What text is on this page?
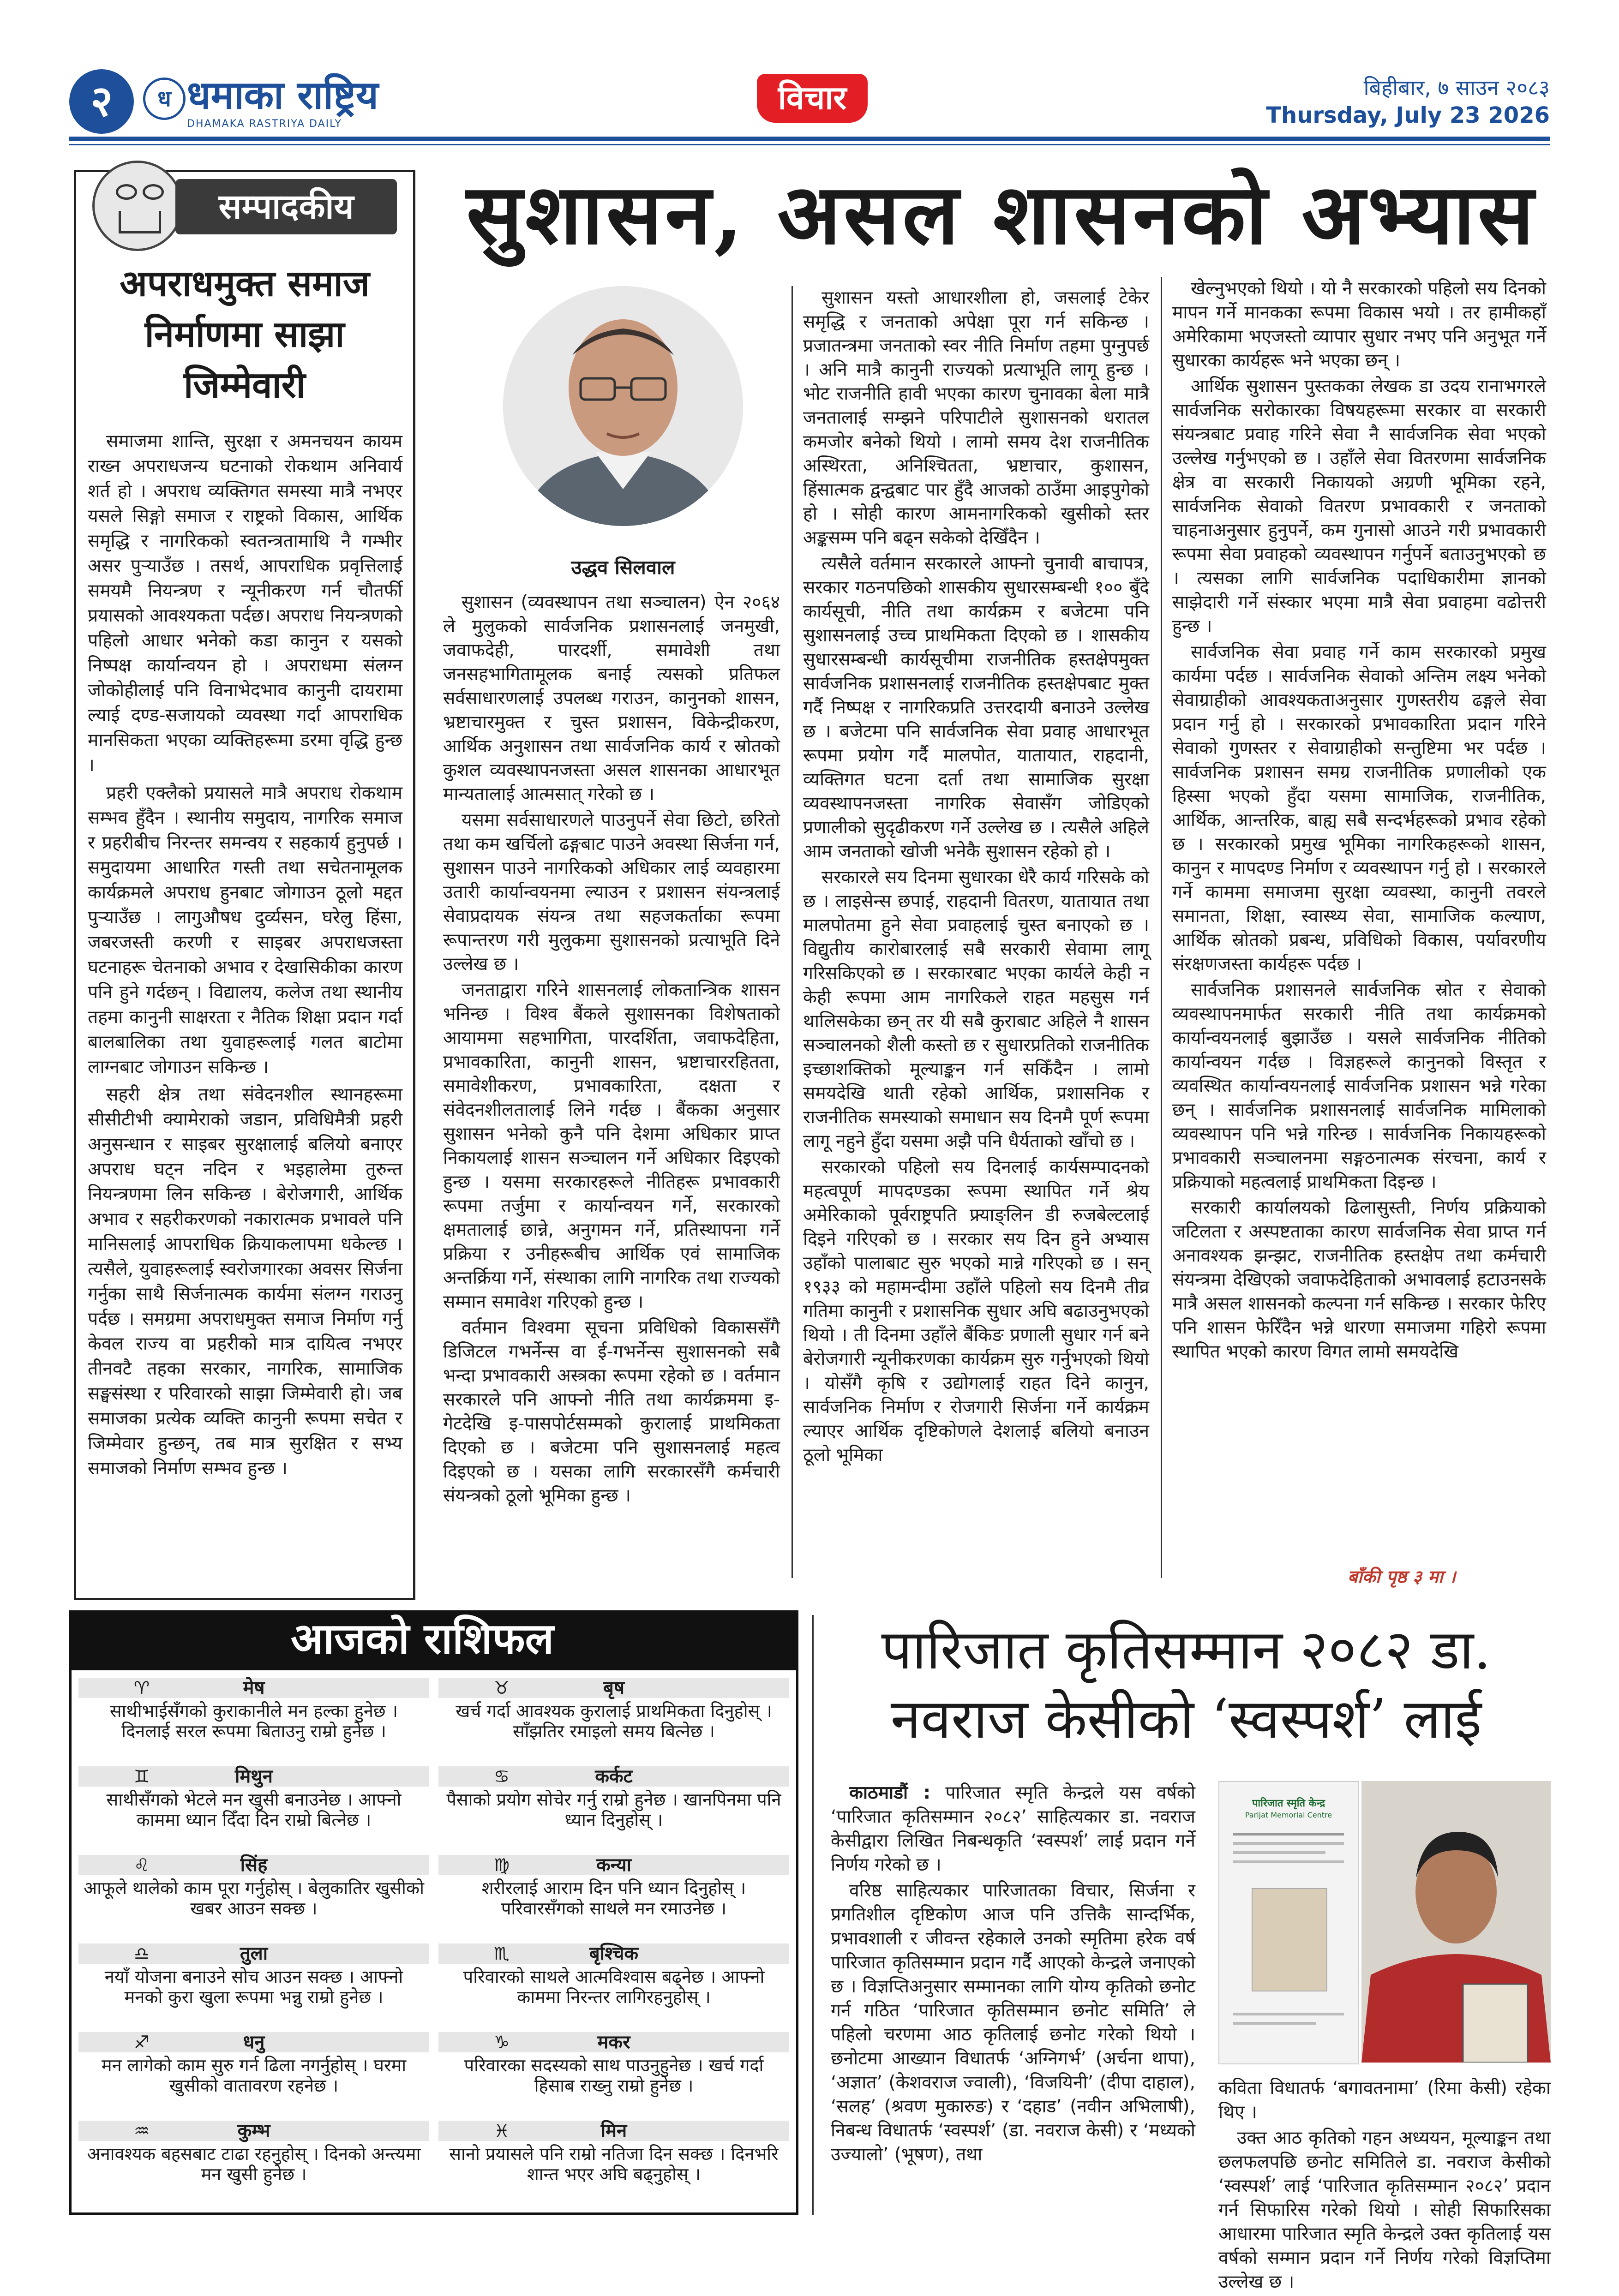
२	ध धमाका राष्ट्रिय
DHAMAKA RASTRIYA DAILY
विचार	बिहीबार, ७ साउन २०८३
Thursday, July 23 2026
सम्पादकीय
अपराधमुक्त समाज निर्माणमा साझा जिम्मेवारी

समाजमा शान्ति, सुरक्षा र अमनचयन कायम राख्न अपराधजन्य घटनाको रोकथाम अनिवार्य शर्त हो । अपराध व्यक्तिगत समस्या मात्रै नभएर यसले सिङ्गो समाज र राष्ट्रको विकास, आर्थिक समृद्धि र नागरिकको स्वतन्त्रतामाथि नै गम्भीर असर पुर्‍याउँछ । तसर्थ, आपराधिक प्रवृत्तिलाई समयमै नियन्त्रण र न्यूनीकरण गर्न चौतर्फी प्रयासको आवश्यकता पर्दछ। अपराध नियन्त्रणको पहिलो आधार भनेको कडा कानुन र यसको निष्पक्ष कार्यान्वयन हो । अपराधमा संलग्न जोकोहीलाई पनि विनाभेदभाव कानुनी दायरामा ल्याई दण्ड-सजायको व्यवस्था गर्दा आपराधिक मानसिकता भएका व्यक्तिहरूमा डरमा वृद्धि हुन्छ ।

प्रहरी एक्लैको प्रयासले मात्रै अपराध रोकथाम सम्भव हुँदैन । स्थानीय समुदाय, नागरिक समाज र प्रहरीबीच निरन्तर समन्वय र सहकार्य हुनुपर्छ । समुदायमा आधारित गस्ती तथा सचेतनामूलक कार्यक्रमले अपराध हुनबाट जोगाउन ठूलो मद्दत पुर्‍याउँछ । लागुऔषध दुर्व्यसन, घरेलु हिंसा, जबरजस्ती करणी र साइबर अपराधजस्ता घटनाहरू चेतनाको अभाव र देखासिकीका कारण पनि हुने गर्दछन् । विद्यालय, कलेज तथा स्थानीय तहमा कानुनी साक्षरता र नैतिक शिक्षा प्रदान गर्दा बालबालिका तथा युवाहरूलाई गलत बाटोमा लाग्नबाट जोगाउन सकिन्छ ।

सहरी क्षेत्र तथा संवेदनशील स्थानहरूमा सीसीटीभी क्यामेराको जडान, प्रविधिमैत्री प्रहरी अनुसन्धान र साइबर सुरक्षालाई बलियो बनाएर अपराध घट्न नदिन र भइहालेमा तुरुन्त नियन्त्रणमा लिन सकिन्छ । बेरोजगारी, आर्थिक अभाव र सहरीकरणको नकारात्मक प्रभावले पनि मानिसलाई आपराधिक क्रियाकलापमा धकेल्छ । त्यसैले, युवाहरूलाई स्वरोजगारका अवसर सिर्जना गर्नुका साथै सिर्जनात्मक कार्यमा संलग्न गराउनु पर्दछ । समग्रमा अपराधमुक्त समाज निर्माण गर्नु केवल राज्य वा प्रहरीको मात्र दायित्व नभएर तीनवटै तहका सरकार, नागरिक, सामाजिक सङ्घसंस्था र परिवारको साझा जिम्मेवारी हो। जब समाजका प्रत्येक व्यक्ति कानुनी रूपमा सचेत र जिम्मेवार हुन्छन्, तब मात्र सुरक्षित र सभ्य समाजको निर्माण सम्भव हुन्छ ।

सुशासन, असल शासनको अभ्यास
उद्धव सिलवाल

सुशासन (व्यवस्थापन तथा सञ्चालन) ऐन २०६४ ले मुलुकको सार्वजनिक प्रशासनलाई जनमुखी, जवाफदेही, पारदर्शी, समावेशी तथा जनसहभागितामूलक बनाई त्यसको प्रतिफल सर्वसाधारणलाई उपलब्ध गराउन, कानुनको शासन, भ्रष्टाचारमुक्त र चुस्त प्रशासन, विकेन्द्रीकरण, आर्थिक अनुशासन तथा सार्वजनिक कार्य र स्रोतको कुशल व्यवस्थापनजस्ता असल शासनका आधारभूत मान्यतालाई आत्मसात् गरेको छ ।

यसमा सर्वसाधारणले पाउनुपर्ने सेवा छिटो, छरितो तथा कम खर्चिलो ढङ्गबाट पाउने अवस्था सिर्जना गर्न, सुशासन पाउने नागरिकको अधिकार लाई व्यवहारमा उतारी कार्यान्वयनमा ल्याउन र प्रशासन संयन्त्रलाई सेवाप्रदायक संयन्त्र तथा सहजकर्ताका रूपमा रूपान्तरण गरी मुलुकमा सुशासनको प्रत्याभूति दिने उल्लेख छ ।

जनताद्वारा गरिने शासनलाई लोकतान्त्रिक शासन भनिन्छ । विश्व बैंकले सुशासनका विशेषताको आयाममा सहभागिता, पारदर्शिता, जवाफदेहिता, प्रभावकारिता, कानुनी शासन, भ्रष्टाचाररहितता, समावेशीकरण, प्रभावकारिता, दक्षता र संवेदनशीलतालाई लिने गर्दछ । बैंकका अनुसार सुशासन भनेको कुनै पनि देशमा अधिकार प्राप्त निकायलाई शासन सञ्चालन गर्ने अधिकार दिइएको हुन्छ । यसमा सरकारहरूले नीतिहरू प्रभावकारी रूपमा तर्जुमा र कार्यान्वयन गर्ने, सरकारको क्षमतालाई छान्ने, अनुगमन गर्ने, प्रतिस्थापना गर्ने प्रक्रिया र उनीहरूबीच आर्थिक एवं सामाजिक अन्तर्क्रिया गर्ने, संस्थाका लागि नागरिक तथा राज्यको सम्मान समावेश गरिएको हुन्छ ।

वर्तमान विश्वमा सूचना प्रविधिको विकाससँगै डिजिटल गभर्नेन्स वा ई-गभर्नेन्स सुशासनको सबै भन्दा प्रभावकारी अस्त्रका रूपमा रहेको छ । वर्तमान सरकारले पनि आफ्नो नीति तथा कार्यक्रममा इ-गेटदेखि इ-पासपोर्टसम्मको कुरालाई प्राथमिकता दिएको छ । बजेटमा पनि सुशासनलाई महत्व दिइएको छ । यसका लागि सरकारसँगै कर्मचारी संयन्त्रको ठूलो भूमिका हुन्छ ।

सुशासन यस्तो आधारशीला हो, जसलाई टेकेर समृद्धि र जनताको अपेक्षा पूरा गर्न सकिन्छ । प्रजातन्त्रमा जनताको स्वर नीति निर्माण तहमा पुग्नुपर्छ । अनि मात्रै कानुनी राज्यको प्रत्याभूति लागू हुन्छ । भोट राजनीति हावी भएका कारण चुनावका बेला मात्रै जनतालाई सम्झने परिपाटीले सुशासनको धरातल कमजोर बनेको थियो । लामो समय देश राजनीतिक अस्थिरता, अनिश्चितता, भ्रष्टाचार, कुशासन, हिंसात्मक द्वन्द्वबाट पार हुँदै आजको ठाउँमा आइपुगेको हो । सोही कारण आमनागरिकको खुसीको स्तर अङ्कसम्म पनि बढ्न सकेको देखिँदैन ।

त्यसैले वर्तमान सरकारले आफ्नो चुनावी बाचापत्र, सरकार गठनपछिको शासकीय सुधारसम्बन्धी १०० बुँदे कार्यसूची, नीति तथा कार्यक्रम र बजेटमा पनि सुशासनलाई उच्च प्राथमिकता दिएको छ । शासकीय सुधारसम्बन्धी कार्यसूचीमा राजनीतिक हस्तक्षेपमुक्त सार्वजनिक प्रशासनलाई राजनीतिक हस्तक्षेपबाट मुक्त गर्दै निष्पक्ष र नागरिकप्रति उत्तरदायी बनाउने उल्लेख छ । बजेटमा पनि सार्वजनिक सेवा प्रवाह आधारभूत रूपमा प्रयोग गर्दै मालपोत, यातायात, राहदानी, व्यक्तिगत घटना दर्ता तथा सामाजिक सुरक्षा व्यवस्थापनजस्ता नागरिक सेवासँग जोडिएको प्रणालीको सुदृढीकरण गर्ने उल्लेख छ । त्यसैले अहिले आम जनताको खोजी भनेकै सुशासन रहेको हो ।

सरकारले सय दिनमा सुधारका धेरै कार्य गरिसके को छ । लाइसेन्स छपाई, राहदानी वितरण, यातायात तथा मालपोतमा हुने सेवा प्रवाहलाई चुस्त बनाएको छ । विद्युतीय कारोबारलाई सबै सरकारी सेवामा लागू गरिसकिएको छ । सरकारबाट भएका कार्यले केही न केही रूपमा आम नागरिकले राहत महसुस गर्न थालिसकेका छन् तर यी सबै कुराबाट अहिले नै शासन सञ्चालनको शैली कस्तो छ र सुधारप्रतिको राजनीतिक इच्छाशक्तिको मूल्याङ्कन गर्न सकिँदैन । लामो समयदेखि थाती रहेको आर्थिक, प्रशासनिक र राजनीतिक समस्याको समाधान सय दिनमै पूर्ण रूपमा लागू नहुने हुँदा यसमा अझै पनि धैर्यताको खाँचो छ ।

सरकारको पहिलो सय दिनलाई कार्यसम्पादनको महत्वपूर्ण मापदण्डका रूपमा स्थापित गर्ने श्रेय अमेरिकाको पूर्वराष्ट्रपति फ्र्याङ्लिन डी रुजबेल्टलाई दिइने गरिएको छ । सरकार सय दिन हुने अभ्यास उहाँको पालाबाट सुरु भएको मान्ने गरिएको छ । सन् १९३३ को महामन्दीमा उहाँले पहिलो सय दिनमै तीव्र गतिमा कानुनी र प्रशासनिक सुधार अघि बढाउनुभएको थियो । ती दिनमा उहाँले बैंकिङ प्रणाली सुधार गर्न बने बेरोजगारी न्यूनीकरणका कार्यक्रम सुरु गर्नुभएको थियो । योसँगै कृषि र उद्योगलाई राहत दिने कानुन, सार्वजनिक निर्माण र रोजगारी सिर्जना गर्ने कार्यक्रम ल्याएर आर्थिक दृष्टिकोणले देशलाई बलियो बनाउन ठूलो भूमिका

खेल्नुभएको थियो । यो नै सरकारको पहिलो सय दिनको मापन गर्ने मानकका रूपमा विकास भयो । तर हामीकहाँ अमेरिकामा भएजस्तो व्यापार सुधार नभए पनि अनुभूत गर्ने सुधारका कार्यहरू भने भएका छन् ।

आर्थिक सुशासन पुस्तकका लेखक डा उदय रानाभगरले सार्वजनिक सरोकारका विषयहरूमा सरकार वा सरकारी संयन्त्रबाट प्रवाह गरिने सेवा नै सार्वजनिक सेवा भएको उल्लेख गर्नुभएको छ । उहाँले सेवा वितरणमा सार्वजनिक क्षेत्र वा सरकारी निकायको अग्रणी भूमिका रहने, सार्वजनिक सेवाको वितरण प्रभावकारी र जनताको चाहनाअनुसार हुनुपर्ने, कम गुनासो आउने गरी प्रभावकारी रूपमा सेवा प्रवाहको व्यवस्थापन गर्नुपर्ने बताउनुभएको छ । त्यसका लागि सार्वजनिक पदाधिकारीमा ज्ञानको साझेदारी गर्ने संस्कार भएमा मात्रै सेवा प्रवाहमा वढोत्तरी हुन्छ ।

सार्वजनिक सेवा प्रवाह गर्ने काम सरकारको प्रमुख कार्यमा पर्दछ । सार्वजनिक सेवाको अन्तिम लक्ष्य भनेको सेवाग्राहीको आवश्यकताअनुसार गुणस्तरीय ढङ्गले सेवा प्रदान गर्नु हो । सरकारको प्रभावकारिता प्रदान गरिने सेवाको गुणस्तर र सेवाग्राहीको सन्तुष्टिमा भर पर्दछ । सार्वजनिक प्रशासन समग्र राजनीतिक प्रणालीको एक हिस्सा भएको हुँदा यसमा सामाजिक, राजनीतिक, आर्थिक, आन्तरिक, बाह्य सबै सन्दर्भहरूको प्रभाव रहेको छ । सरकारको प्रमुख भूमिका नागरिकहरूको शासन, कानुन र मापदण्ड निर्माण र व्यवस्थापन गर्नु हो । सरकारले गर्ने काममा समाजमा सुरक्षा व्यवस्था, कानुनी तवरले समानता, शिक्षा, स्वास्थ्य सेवा, सामाजिक कल्याण, आर्थिक स्रोतको प्रबन्ध, प्रविधिको विकास, पर्यावरणीय संरक्षणजस्ता कार्यहरू पर्दछ ।

सार्वजनिक प्रशासनले सार्वजनिक स्रोत र सेवाको व्यवस्थापनमार्फत सरकारी नीति तथा कार्यक्रमको कार्यान्वयनलाई बुझाउँछ । यसले सार्वजनिक नीतिको कार्यान्वयन गर्दछ । विज्ञहरूले कानुनको विस्तृत र व्यवस्थित कार्यान्वयनलाई सार्वजनिक प्रशासन भन्ने गरेका छन् । सार्वजनिक प्रशासनलाई सार्वजनिक मामिलाको व्यवस्थापन पनि भन्ने गरिन्छ । सार्वजनिक निकायहरूको प्रभावकारी सञ्चालनमा सङ्गठनात्मक संरचना, कार्य र प्रक्रियाको महत्वलाई प्राथमिकता दिइन्छ ।

सरकारी कार्यालयको ढिलासुस्ती, निर्णय प्रक्रियाको जटिलता र अस्पष्टताका कारण सार्वजनिक सेवा प्राप्त गर्न अनावश्यक झन्झट, राजनीतिक हस्तक्षेप तथा कर्मचारी संयन्त्रमा देखिएको जवाफदेहिताको अभावलाई हटाउनसके मात्रै असल शासनको कल्पना गर्न सकिन्छ । सरकार फेरिए पनि शासन फेरिँदैन भन्ने धारणा समाजमा गहिरो रूपमा स्थापित भएको कारण विगत लामो समयदेखि

बाँकी पृष्ठ ३ मा ।
आजको राशिफल
मेष
♈
साथीभाईसँगको कुराकानीले मन हल्का हुनेछ । दिनलाई सरल रूपमा बिताउनु राम्रो हुनेछ ।
बृष
♉
खर्च गर्दा आवश्यक कुरालाई प्राथमिकता दिनुहोस् । साँझतिर रमाइलो समय बित्नेछ ।
मिथुन
♊
साथीसँगको भेटले मन खुसी बनाउनेछ । आफ्नो काममा ध्यान दिँदा दिन राम्रो बित्नेछ ।
कर्कट
♋
पैसाको प्रयोग सोचेर गर्नु राम्रो हुनेछ । खानपिनमा पनि ध्यान दिनुहोस् ।
सिंह
♌
आफूले थालेको काम पूरा गर्नुहोस् । बेलुकातिर खुसीको खबर आउन सक्छ ।
कन्या
♍
शरीरलाई आराम दिन पनि ध्यान दिनुहोस् । परिवारसँगको साथले मन रमाउनेछ ।
तुला
♎
नयाँ योजना बनाउने सोच आउन सक्छ । आफ्नो मनको कुरा खुला रूपमा भन्नु राम्रो हुनेछ ।
बृश्चिक
♏
परिवारको साथले आत्मविश्वास बढ्नेछ । आफ्नो काममा निरन्तर लागिरहनुहोस् ।
धनु
♐
मन लागेको काम सुरु गर्न ढिला नगर्नुहोस् । घरमा खुसीको वातावरण रहनेछ ।
मकर
♑
परिवारका सदस्यको साथ पाउनुहुनेछ । खर्च गर्दा हिसाब राख्नु राम्रो हुनेछ ।
कुम्भ
♒
अनावश्यक बहसबाट टाढा रहनुहोस् । दिनको अन्त्यमा मन खुसी हुनेछ ।
मिन
♓
सानो प्रयासले पनि राम्रो नतिजा दिन सक्छ । दिनभरि शान्त भएर अघि बढ्नुहोस् ।
पारिजात कृतिसम्मान २०८२ डा. नवराज केसीको ‘स्वस्पर्श’ लाई

काठमाडौं : पारिजात स्मृति केन्द्रले यस वर्षको ‘पारिजात कृतिसम्मान २०८२’ साहित्यकार डा. नवराज केसीद्वारा लिखित निबन्धकृति ‘स्वस्पर्श’ लाई प्रदान गर्ने निर्णय गरेको छ ।

वरिष्ठ साहित्यकार पारिजातका विचार, सिर्जना र प्रगतिशील दृष्टिकोण आज पनि उत्तिकै सान्दर्भिक, प्रभावशाली र जीवन्त रहेकाले उनको स्मृतिमा हरेक वर्ष पारिजात कृतिसम्मान प्रदान गर्दै आएको केन्द्रले जनाएको छ । विज्ञप्तिअनुसार सम्मानका लागि योग्य कृतिको छनोट गर्न गठित ‘पारिजात कृतिसम्मान छनोट समिति’ ले पहिलो चरणमा आठ कृतिलाई छनोट गरेको थियो । छनोटमा आख्यान विधातर्फ ‘अग्निगर्भ’ (अर्चना थापा), ‘अज्ञात’ (केशवराज ज्वाली), ‘विजयिनी’ (दीपा दाहाल), ‘सलह’ (श्रवण मुकारुङ) र ‘दहाड’ (नवीन अभिलाषी), निबन्ध विधातर्फ ‘स्वस्पर्श’ (डा. नवराज केसी) र ‘मध्यको उज्यालो’ (भूषण), तथा

पारिजात स्मृति केन्द्र
Parijat Memorial Centre

कविता विधातर्फ ‘बगावतनामा’ (रिमा केसी) रहेका थिए ।

उक्त आठ कृतिको गहन अध्ययन, मूल्याङ्कन तथा छलफलपछि छनोट समितिले डा. नवराज केसीको ‘स्वस्पर्श’ लाई ‘पारिजात कृतिसम्मान २०८२’ प्रदान गर्न सिफारिस गरेको थियो । सोही सिफारिसका आधारमा पारिजात स्मृति केन्द्रले उक्त कृतिलाई यस वर्षको सम्मान प्रदान गर्ने निर्णय गरेको विज्ञप्तिमा उल्लेख छ ।
